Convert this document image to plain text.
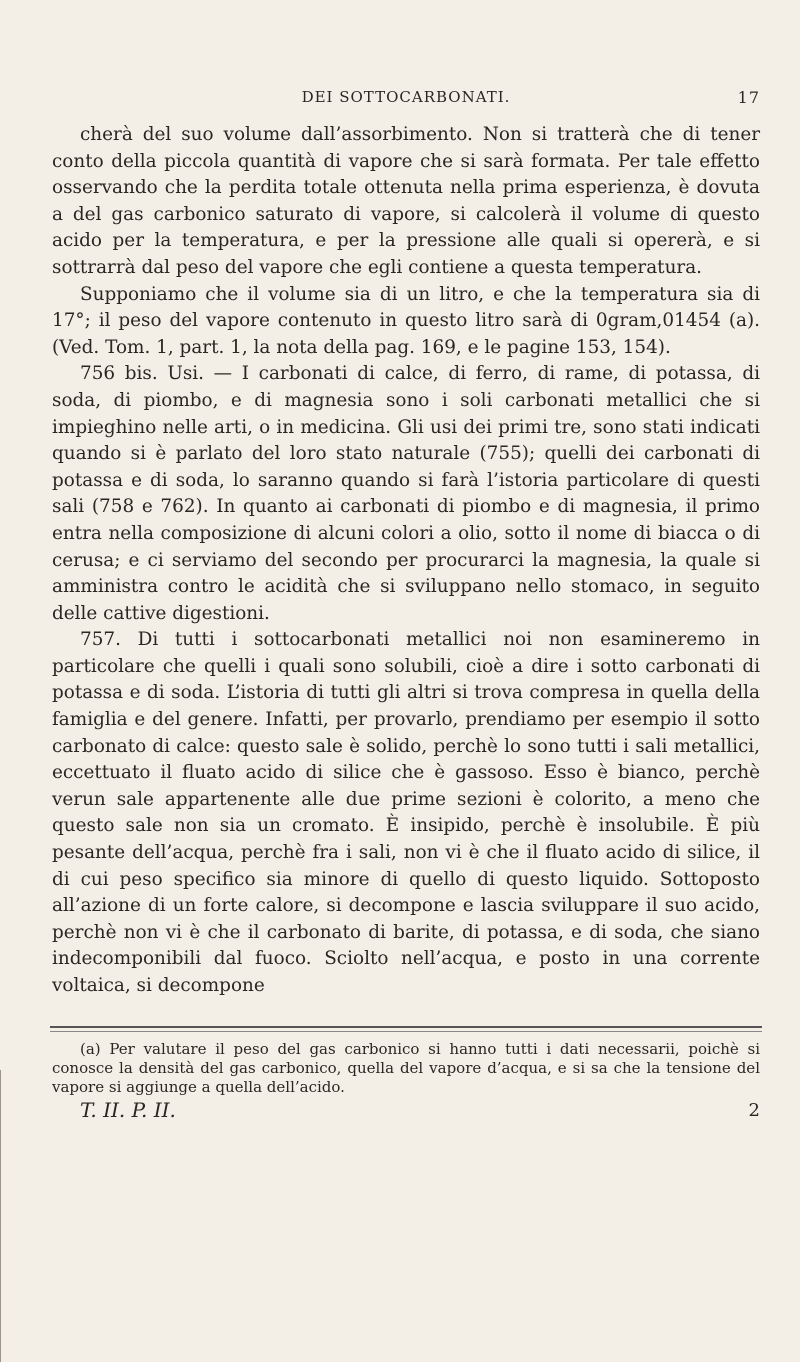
DEI SOTTOCARBONATI.	17

cherà del suo volume dall’assorbimento. Non si tratterà che di tener conto della piccola quantità di vapore che si sarà formata. Per tale effetto osservando che la perdita totale ottenuta nella prima esperienza, è dovuta a del gas carbonico saturato di vapore, si calcolerà il volume di questo acido per la temperatura, e per la pressione alle quali si opererà, e si sottrarrà dal peso del vapore che egli contiene a questa temperatura.

Supponiamo che il volume sia di un litro, e che la temperatura sia di 17°; il peso del vapore contenuto in questo litro sarà di 0gram,01454 (a). (Ved. Tom. 1, part. 1, la nota della pag. 169, e le pagine 153, 154).

756 bis. Usi. — I carbonati di calce, di ferro, di rame, di potassa, di soda, di piombo, e di magnesia sono i soli carbonati metallici che si impieghino nelle arti, o in medicina. Gli usi dei primi tre, sono stati indicati quando si è parlato del loro stato naturale (755); quelli dei carbonati di potassa e di soda, lo saranno quando si farà l’istoria particolare di questi sali (758 e 762). In quanto ai carbonati di piombo e di magnesia, il primo entra nella composizione di alcuni colori a olio, sotto il nome di biacca o di cerusa; e ci serviamo del secondo per procurarci la magnesia, la quale si amministra contro le acidità che si sviluppano nello stomaco, in seguito delle cattive digestioni.

757. Di tutti i sottocarbonati metallici noi non esamineremo in particolare che quelli i quali sono solubili, cioè a dire i sotto carbonati di potassa e di soda. L’istoria di tutti gli altri si trova compresa in quella della famiglia e del genere. Infatti, per provarlo, prendiamo per esempio il sotto carbonato di calce: questo sale è solido, perchè lo sono tutti i sali metallici, eccettuato il fluato acido di silice che è gassoso. Esso è bianco, perchè verun sale appartenente alle due prime sezioni è colorito, a meno che questo sale non sia un cromato. È insipido, perchè è insolubile. È più pesante dell’acqua, perchè fra i sali, non vi è che il fluato acido di silice, il di cui peso specifico sia minore di quello di questo liquido. Sottoposto all’azione di un forte calore, si decompone e lascia sviluppare il suo acido, perchè non vi è che il carbonato di barite, di potassa, e di soda, che siano indecomponibili dal fuoco. Sciolto nell’acqua, e posto in una corrente voltaica, si decompone

(a) Per valutare il peso del gas carbonico si hanno tutti i dati necessarii, poichè si conosce la densità del gas carbonico, quella del vapore d’acqua, e si sa che la tensione del vapore si aggiunge a quella dell’acido.

T. II. P. II.	2
